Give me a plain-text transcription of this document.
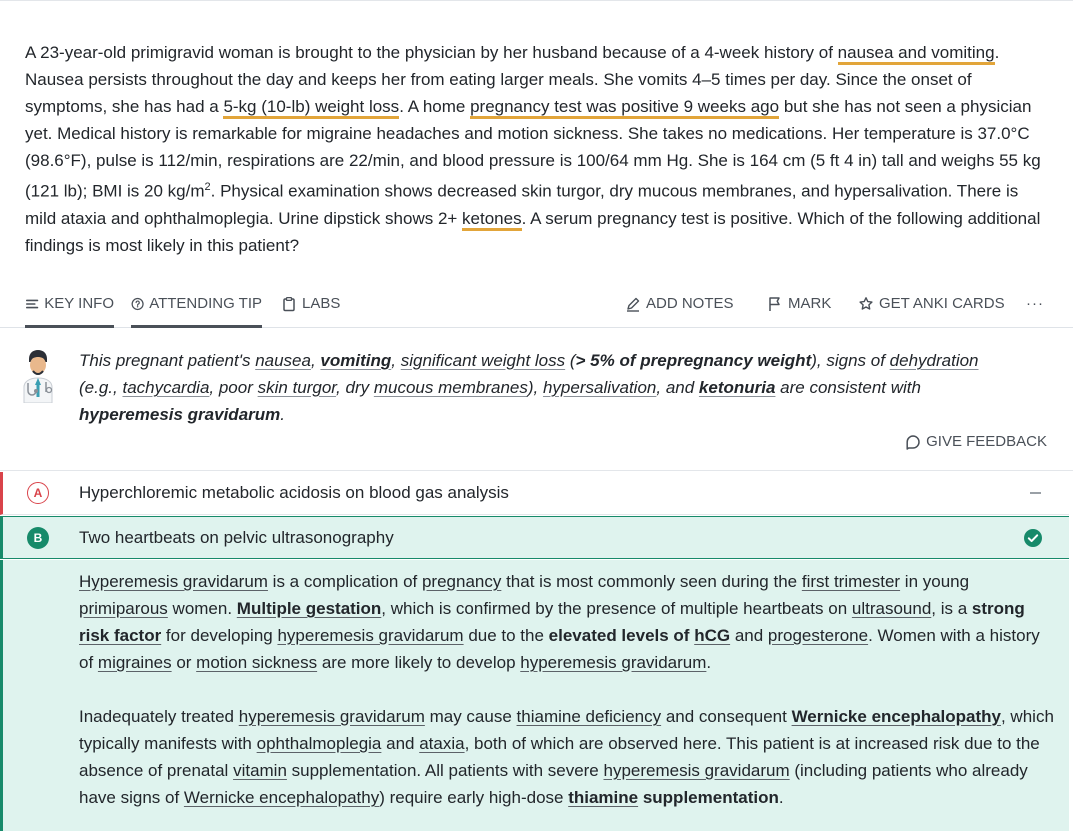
A 23-year-old primigravid woman is brought to the physician by her husband because of a 4-week history of nausea and vomiting. Nausea persists throughout the day and keeps her from eating larger meals. She vomits 4–5 times per day. Since the onset of symptoms, she has had a 5-kg (10-lb) weight loss. A home pregnancy test was positive 9 weeks ago but she has not seen a physician yet. Medical history is remarkable for migraine headaches and motion sickness. She takes no medications. Her temperature is 37.0°C (98.6°F), pulse is 112/min, respirations are 22/min, and blood pressure is 100/64 mm Hg. She is 164 cm (5 ft 4 in) tall and weighs 55 kg (121 lb); BMI is 20 $kg/m^2$. Physical examination shows decreased skin turgor, dry mucous membranes, and hypersalivation. There is mild ataxia and ophthalmoplegia. Urine dipstick shows 2+ ketones. A serum pregnancy test is positive. Which of the following additional findings is most likely in this patient?
KEY INFO ATTENDING TIP	LABS	ADD NOTES	MARK	GET ANKI CARDS ···
This pregnant patient's nausea, vomiting, significant weight loss (> 5% of prepregnancy weight), signs of dehydration (e.g., tachycardia, poor skin turgor, dry mucous membranes), hypersalivation, and ketonuria are consistent with hyperemesis gravidarum.
GIVE FEEDBACK
A	Hyperchloremic metabolic acidosis on blood gas analysis
B	Two heartbeats on pelvic ultrasonography
Hyperemesis gravidarum is a complication of pregnancy that is most commonly seen during the first trimester in young primiparous women. Multiple gestation, which is confirmed by the presence of multiple heartbeats on ultrasound, is a strong risk factor for developing hyperemesis gravidarum due to the elevated levels of hCG and progesterone. Women with a history of migraines or motion sickness are more likely to develop hyperemesis gravidarum.
Inadequately treated hyperemesis gravidarum may cause thiamine deficiency and consequent Wernicke encephalopathy, which typically manifests with ophthalmoplegia and ataxia, both of which are observed here. This patient is at increased risk due to the absence of prenatal vitamin supplementation. All patients with severe hyperemesis gravidarum (including patients who already have signs of Wernicke encephalopathy) require early high-dose thiamine supplementation.
